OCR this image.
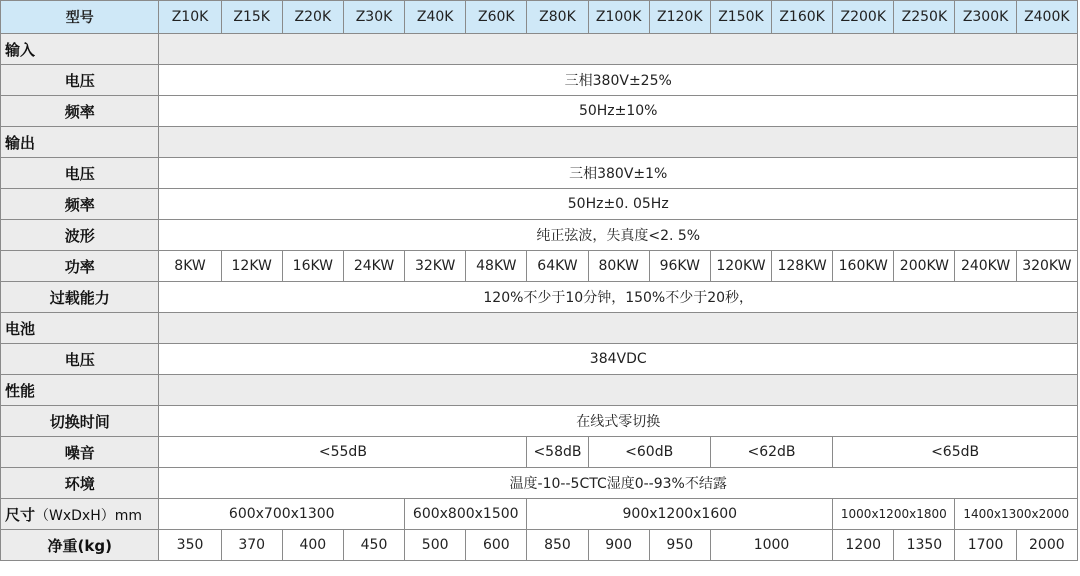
型号	Z10K	Z15K	Z20K	Z30K	Z40K	Z60K	Z80K	Z100K	Z120K	Z150K	Z160K	Z200K	Z250K	Z300K	Z400K
输入															
电压	三相380V±25%														
频率	50Hz±10%														
输出															
电压	三相380V±1%														
频率	50Hz±0. 05Hz														
波形	纯正弦波，失真度<2. 5%														
功率	8KW	12KW	16KW	24KW	32KW	48KW	64KW	80KW	96KW	120KW	128KW	160KW	200KW	240KW	320KW
过载能力	120%不少于10分钟，150%不少于20秒，														
电池															
电压	384VDC														
性能															
切换时间	在线式零切换														
噪音	<55dB						<58dB	<60dB		<62dB		<65dB			
环境	温度-10--5CTC湿度0--93%不结露														
尺寸（WxDxH）mm	600x700x1300				600x800x1500		900x1200x1600					1000x1200x1800		1400x1300x2000	
净重(kg)	350	370	400	450	500	600	850	900	950	1000		1200	1350	1700	2000
